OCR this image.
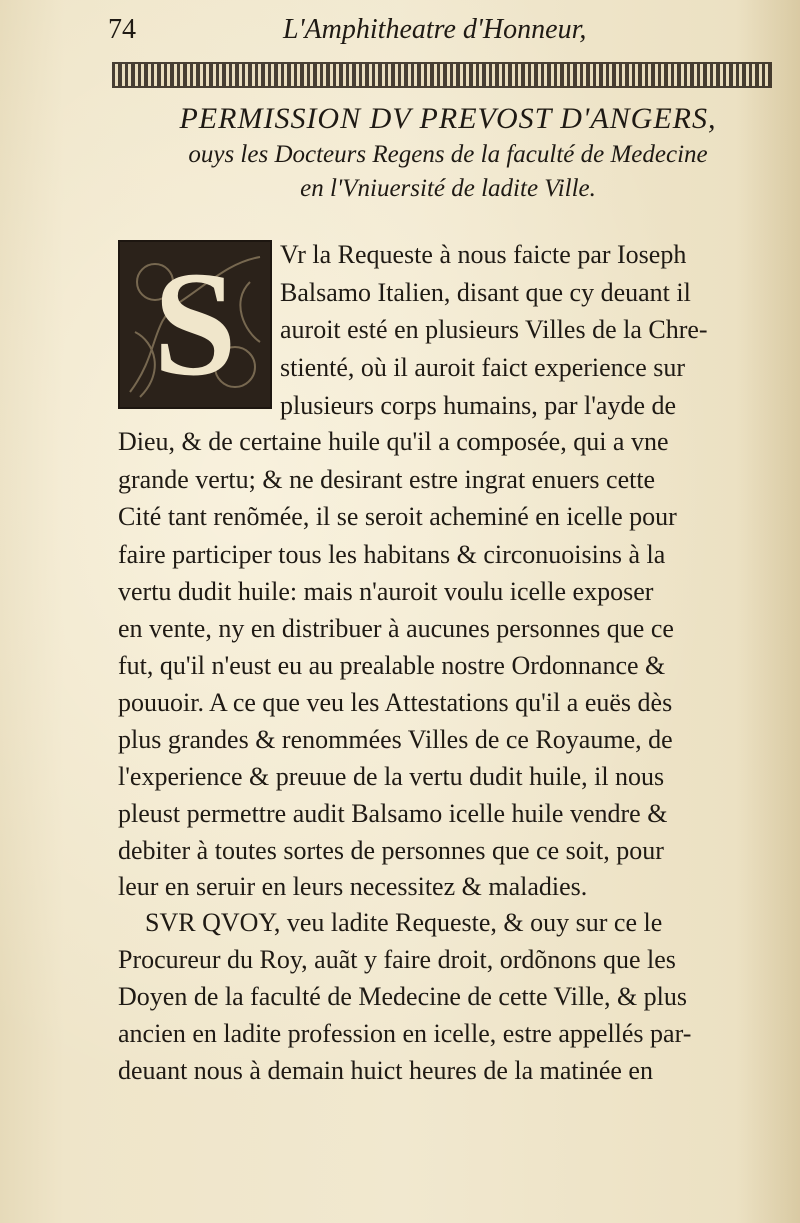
74	L'Amphitheatre d'Honneur,
PERMISSION DV PREVOST D'ANGERS,
ouys les Docteurs Regens de la faculté de Medecine
en l'Vniuersité de ladite Ville.
S	Vr la Requeste à nous faicte par Ioseph
Balsamo Italien, disant que cy deuant il
auroit esté en plusieurs Villes de la Chre-
stienté, où il auroit faict experience sur
plusieurs corps humains, par l'ayde de
Dieu, & de certaine huile qu'il a composée, qui a vne
grande vertu; & ne desirant estre ingrat enuers cette
Cité tant renõmée, il se seroit acheminé en icelle pour
faire participer tous les habitans & circonuoisins à la
vertu dudit huile: mais n'auroit voulu icelle exposer
en vente, ny en distribuer à aucunes personnes que ce
fut, qu'il n'eust eu au prealable nostre Ordonnance &
pouuoir. A ce que veu les Attestations qu'il a euës dès
plus grandes & renommées Villes de ce Royaume, de
l'experience & preuue de la vertu dudit huile, il nous
pleust permettre audit Balsamo icelle huile vendre &
debiter à toutes sortes de personnes que ce soit, pour
leur en seruir en leurs necessitez & maladies.
SVR QVOY, veu ladite Requeste, & ouy sur ce le
Procureur du Roy, auãt y faire droit, ordõnons que les
Doyen de la faculté de Medecine de cette Ville, & plus
ancien en ladite profession en icelle, estre appellés par-
deuant nous à demain huict heures de la matinée en
